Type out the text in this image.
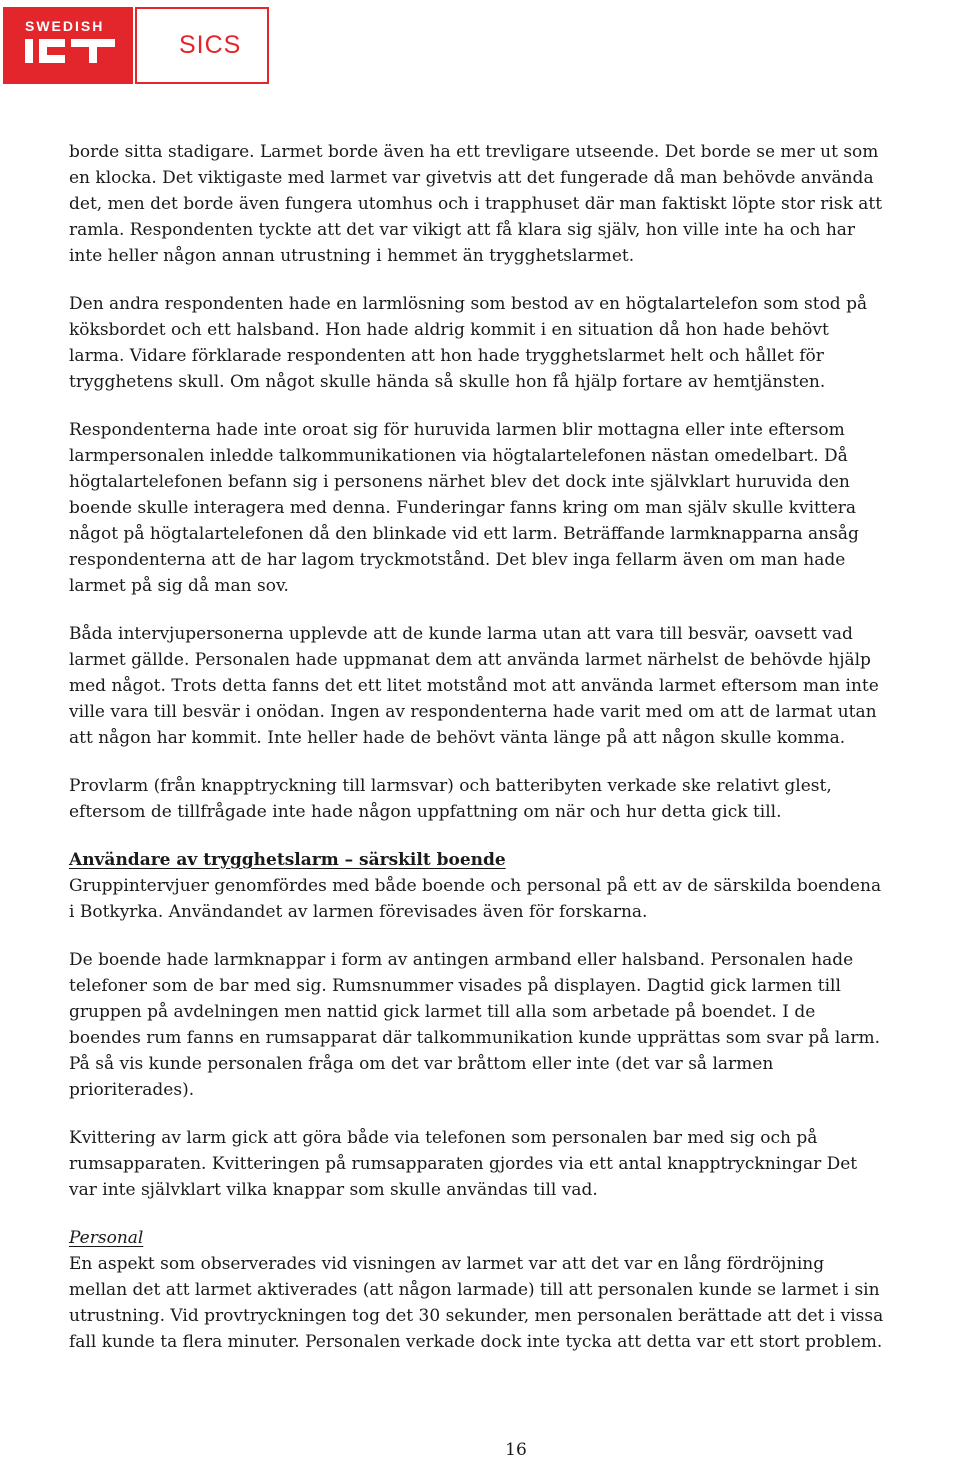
SWEDISH
SICS

borde sitta stadigare. Larmet borde även ha ett trevligare utseende. Det borde se mer ut som
en klocka. Det viktigaste med larmet var givetvis att det fungerade då man behövde använda
det, men det borde även fungera utomhus och i trapphuset där man faktiskt löpte stor risk att
ramla. Respondenten tyckte att det var vikigt att få klara sig själv, hon ville inte ha och har
inte heller någon annan utrustning i hemmet än trygghetslarmet.

Den andra respondenten hade en larmlösning som bestod av en högtalartelefon som stod på
köksbordet och ett halsband. Hon hade aldrig kommit i en situation då hon hade behövt
larma. Vidare förklarade respondenten att hon hade trygghetslarmet helt och hållet för
trygghetens skull. Om något skulle hända så skulle hon få hjälp fortare av hemtjänsten.

Respondenterna hade inte oroat sig för huruvida larmen blir mottagna eller inte eftersom
larmpersonalen inledde talkommunikationen via högtalartelefonen nästan omedelbart. Då
högtalartelefonen befann sig i personens närhet blev det dock inte självklart huruvida den
boende skulle interagera med denna. Funderingar fanns kring om man själv skulle kvittera
något på högtalartelefonen då den blinkade vid ett larm. Beträffande larmknapparna ansåg
respondenterna att de har lagom tryckmotstånd. Det blev inga fellarm även om man hade
larmet på sig då man sov.

Båda intervjupersonerna upplevde att de kunde larma utan att vara till besvär, oavsett vad
larmet gällde. Personalen hade uppmanat dem att använda larmet närhelst de behövde hjälp
med något. Trots detta fanns det ett litet motstånd mot att använda larmet eftersom man inte
ville vara till besvär i onödan. Ingen av respondenterna hade varit med om att de larmat utan
att någon har kommit. Inte heller hade de behövt vänta länge på att någon skulle komma.

Provlarm (från knapptryckning till larmsvar) och batteribyten verkade ske relativt glest,
eftersom de tillfrågade inte hade någon uppfattning om när och hur detta gick till.

Användare av trygghetslarm – särskilt boende

Gruppintervjuer genomfördes med både boende och personal på ett av de särskilda boendena
i Botkyrka. Användandet av larmen förevisades även för forskarna.

De boende hade larmknappar i form av antingen armband eller halsband. Personalen hade
telefoner som de bar med sig. Rumsnummer visades på displayen. Dagtid gick larmen till
gruppen på avdelningen men nattid gick larmet till alla som arbetade på boendet. I de
boendes rum fanns en rumsapparat där talkommunikation kunde upprättas som svar på larm.
På så vis kunde personalen fråga om det var bråttom eller inte (det var så larmen
prioriterades).

Kvittering av larm gick att göra både via telefonen som personalen bar med sig och på
rumsapparaten. Kvitteringen på rumsapparaten gjordes via ett antal knapptryckningar Det
var inte självklart vilka knappar som skulle användas till vad.

Personal

En aspekt som observerades vid visningen av larmet var att det var en lång fördröjning
mellan det att larmet aktiverades (att någon larmade) till att personalen kunde se larmet i sin
utrustning. Vid provtryckningen tog det 30 sekunder, men personalen berättade att det i vissa
fall kunde ta flera minuter. Personalen verkade dock inte tycka att detta var ett stort problem.

16
